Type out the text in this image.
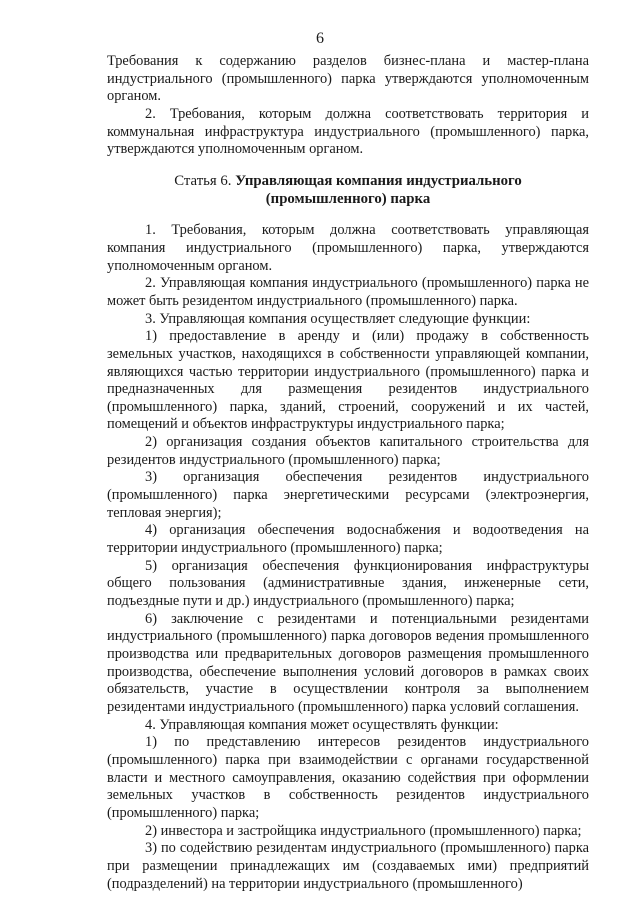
6

Требования к содержанию разделов бизнес-плана и мастер-плана индустриального (промышленного) парка утверждаются уполномоченным органом.

2. Требования, которым должна соответствовать территория и коммунальная инфраструктура индустриального (промышленного) парка, утверждаются уполномоченным органом.

Статья 6. Управляющая компания индустриального
(промышленного) парка

1. Требования, которым должна соответствовать управляющая компания индустриального (промышленного) парка, утверждаются уполномоченным органом.

2. Управляющая компания индустриального (промышленного) парка не может быть резидентом индустриального (промышленного) парка.

3. Управляющая компания осуществляет следующие функции:

1) предоставление в аренду и (или) продажу в собственность земельных участков, находящихся в собственности управляющей компании, являющихся частью территории индустриального (промышленного) парка и предназначенных для размещения резидентов индустриального (промышленного) парка, зданий, строений, сооружений и их частей, помещений и объектов инфраструктуры индустриального парка;

2) организация создания объектов капитального строительства для резидентов индустриального (промышленного) парка;

3) организация обеспечения резидентов индустриального (промышленного) парка энергетическими ресурсами (электроэнергия, тепловая энергия);

4) организация обеспечения водоснабжения и водоотведения на территории индустриального (промышленного) парка;

5) организация обеспечения функционирования инфраструктуры общего пользования (административные здания, инженерные сети, подъездные пути и др.) индустриального (промышленного) парка;

6) заключение с резидентами и потенциальными резидентами индустриального (промышленного) парка договоров ведения промышленного производства или предварительных договоров размещения промышленного производства, обеспечение выполнения условий договоров в рамках своих обязательств, участие в осуществлении контроля за выполнением резидентами индустриального (промышленного) парка условий соглашения.

4. Управляющая компания может осуществлять функции:

1) по представлению интересов резидентов индустриального (промышленного) парка при взаимодействии с органами государственной власти и местного самоуправления, оказанию содействия при оформлении земельных участков в собственность резидентов индустриального (промышленного) парка;

2) инвестора и застройщика индустриального (промышленного) парка;

3) по содействию резидентам индустриального (промышленного) парка при размещении принадлежащих им (создаваемых ими) предприятий (подразделений) на территории индустриального (промышленного)
